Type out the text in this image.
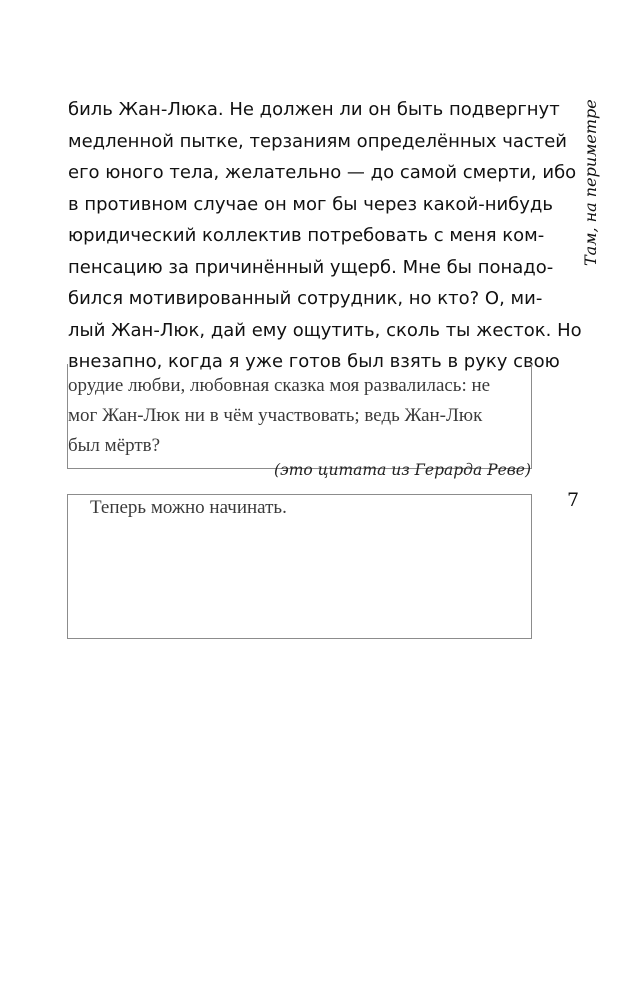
Там, на периметре
биль Жан-Люка. Не должен ли он быть подвергнут
медленной пытке, терзаниям определённых частей
его юного тела, желательно — до самой смерти, ибо
в противном случае он мог бы через какой-нибудь
юридический коллектив потребовать с меня ком-
пенсацию за причинённый ущерб. Мне бы понадо-
бился мотивированный сотрудник, но кто? О, ми-
лый Жан-Люк, дай ему ощутить, сколь ты жесток. Но
внезапно, когда я уже готов был взять в руку свою
орудие любви, любовная сказка моя развалилась: не
мог Жан-Люк ни в чём участвовать; ведь Жан-Люк
был мёртв?
(это цитата из Герарда Реве)
7
Теперь можно начинать.
